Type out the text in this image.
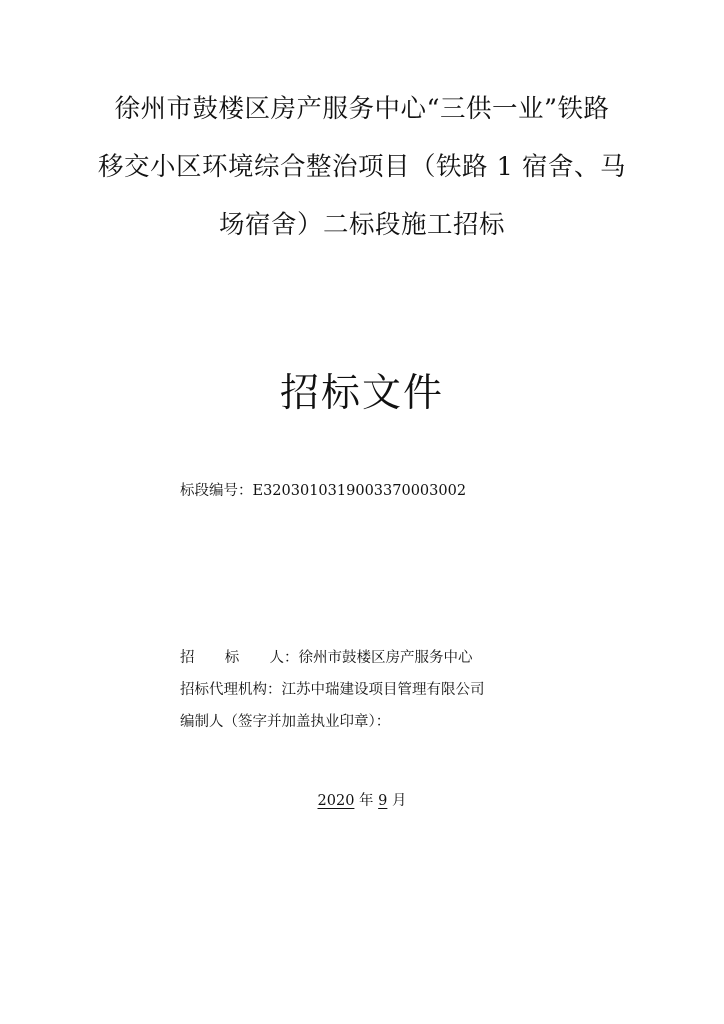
徐州市鼓楼区房产服务中心“三供一业”铁路
移交小区环境综合整治项目（铁路 1 宿舍、马
场宿舍）二标段施工招标
招标文件
标段编号：E3203010319003370003002
招 标 人 ：徐州市鼓楼区房产服务中心
招标代理机构：江苏中瑞建设项目管理有限公司
编制人（签字并加盖执业印章）：
2020 年 9 月
